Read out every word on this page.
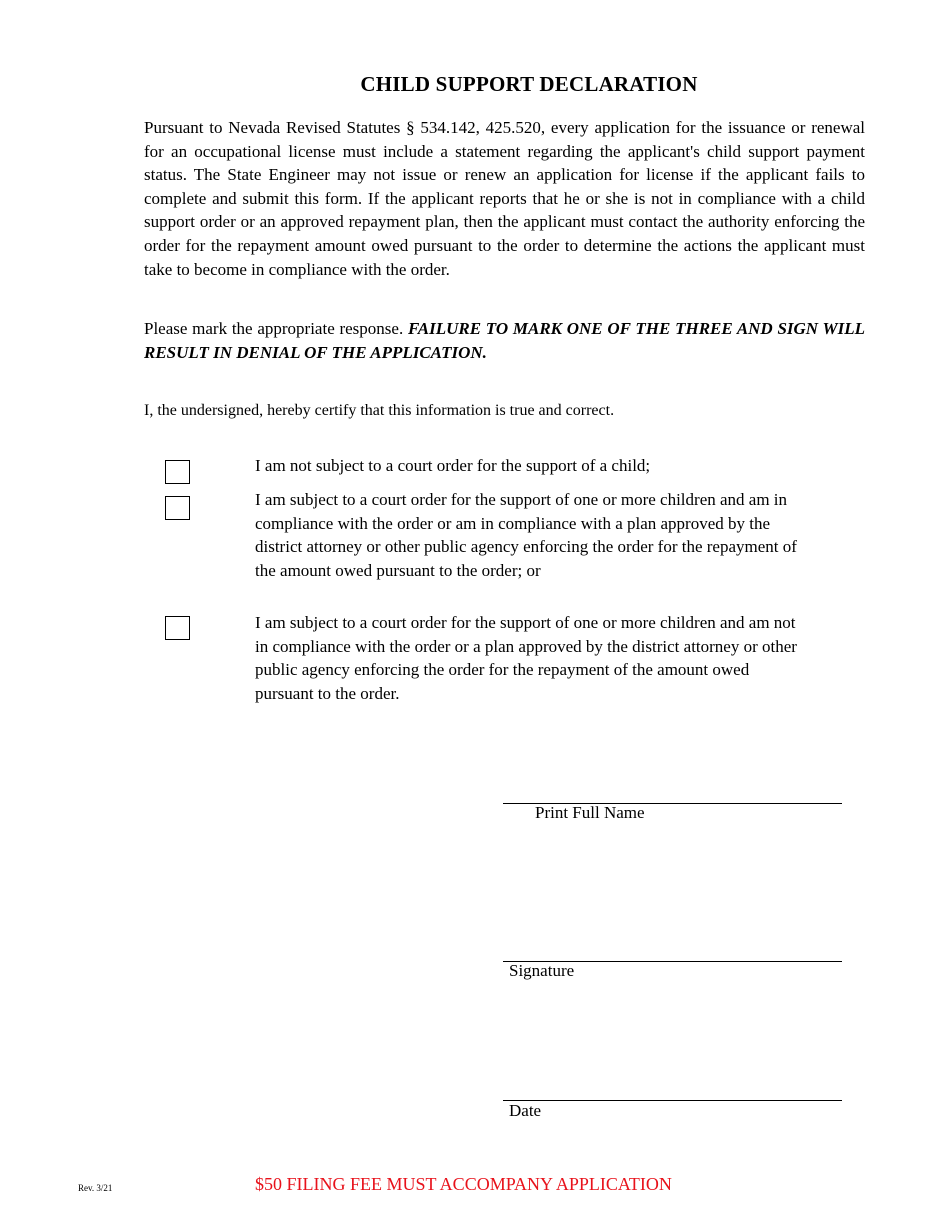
CHILD SUPPORT DECLARATION

Pursuant to Nevada Revised Statutes § 534.142, 425.520, every application for the issuance or renewal for an occupational license must include a statement regarding the applicant's child support payment status. The State Engineer may not issue or renew an application for license if the applicant fails to complete and submit this form. If the applicant reports that he or she is not in compliance with a child support order or an approved repayment plan, then the applicant must contact the authority enforcing the order for the repayment amount owed pursuant to the order to determine the actions the applicant must take to become in compliance with the order.

Please mark the appropriate response. FAILURE TO MARK ONE OF THE THREE AND SIGN WILL RESULT IN DENIAL OF THE APPLICATION.

I, the undersigned, hereby certify that this information is true and correct.

I am not subject to a court order for the support of a child;

I am subject to a court order for the support of one or more children and am in compliance with the order or am in compliance with a plan approved by the district attorney or other public agency enforcing the order for the repayment of the amount owed pursuant to the order; or

I am subject to a court order for the support of one or more children and am not in compliance with the order or a plan approved by the district attorney or other public agency enforcing the order for the repayment of the amount owed pursuant to the order.

Print Full Name

Signature

Date

Rev. 3/21	$50 FILING FEE MUST ACCOMPANY APPLICATION
